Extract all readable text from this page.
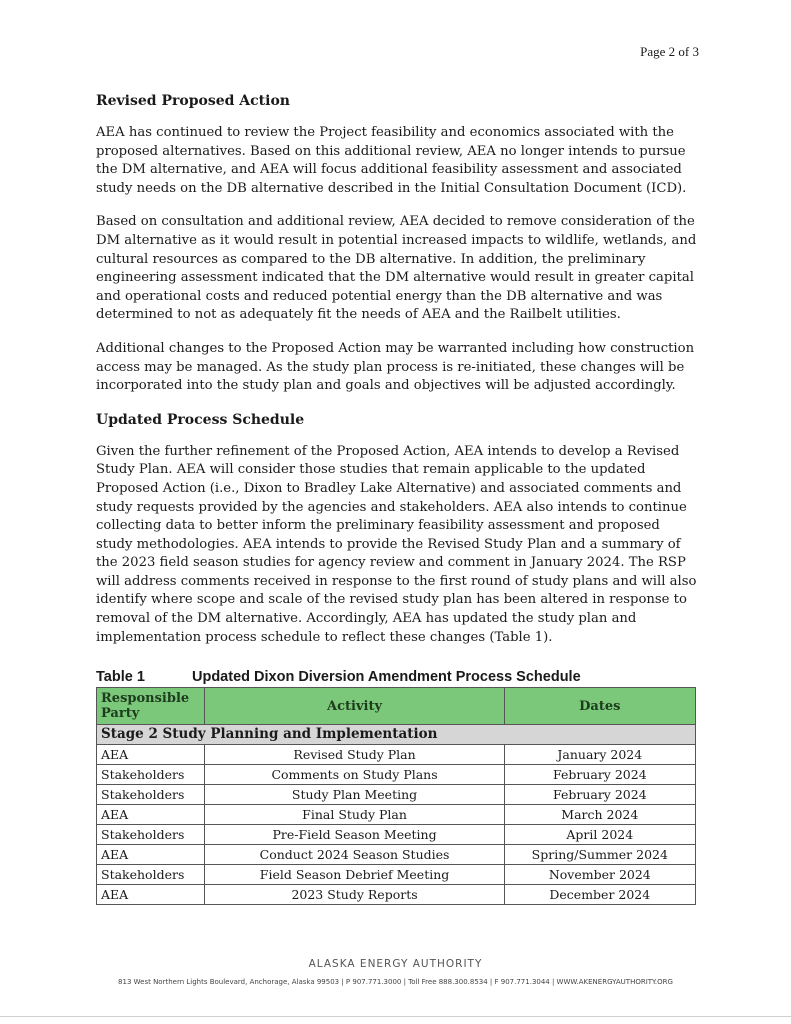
Page 2 of 3
Revised Proposed Action

AEA has continued to review the Project feasibility and economics associated with the proposed alternatives. Based on this additional review, AEA no longer intends to pursue the DM alternative, and AEA will focus additional feasibility assessment and associated study needs on the DB alternative described in the Initial Consultation Document (ICD).

Based on consultation and additional review, AEA decided to remove consideration of the DM alternative as it would result in potential increased impacts to wildlife, wetlands, and cultural resources as compared to the DB alternative. In addition, the preliminary engineering assessment indicated that the DM alternative would result in greater capital and operational costs and reduced potential energy than the DB alternative and was determined to not as adequately fit the needs of AEA and the Railbelt utilities.

Additional changes to the Proposed Action may be warranted including how construction access may be managed. As the study plan process is re-initiated, these changes will be incorporated into the study plan and goals and objectives will be adjusted accordingly.

Updated Process Schedule

Given the further refinement of the Proposed Action, AEA intends to develop a Revised Study Plan. AEA will consider those studies that remain applicable to the updated Proposed Action (i.e., Dixon to Bradley Lake Alternative) and associated comments and study requests provided by the agencies and stakeholders. AEA also intends to continue collecting data to better inform the preliminary feasibility assessment and proposed study methodologies. AEA intends to provide the Revised Study Plan and a summary of the 2023 field season studies for agency review and comment in January 2024. The RSP will address comments received in response to the first round of study plans and will also identify where scope and scale of the revised study plan has been altered in response to removal of the DM alternative. Accordingly, AEA has updated the study plan and implementation process schedule to reflect these changes (Table 1).

Table 1	Updated Dixon Diversion Amendment Process Schedule
Responsible Party	Activity	Dates
Stage 2 Study Planning and Implementation		
AEA	Revised Study Plan	January 2024
Stakeholders	Comments on Study Plans	February 2024
Stakeholders	Study Plan Meeting	February 2024
AEA	Final Study Plan	March 2024
Stakeholders	Pre-Field Season Meeting	April 2024
AEA	Conduct 2024 Season Studies	Spring/Summer 2024
Stakeholders	Field Season Debrief Meeting	November 2024
AEA	2023 Study Reports	December 2024
ALASKA ENERGY AUTHORITY
813 West Northern Lights Boulevard, Anchorage, Alaska 99503 | P 907.771.3000 | Toll Free 888.300.8534 | F 907.771.3044 | WWW.AKENERGYAUTHORITY.ORG
